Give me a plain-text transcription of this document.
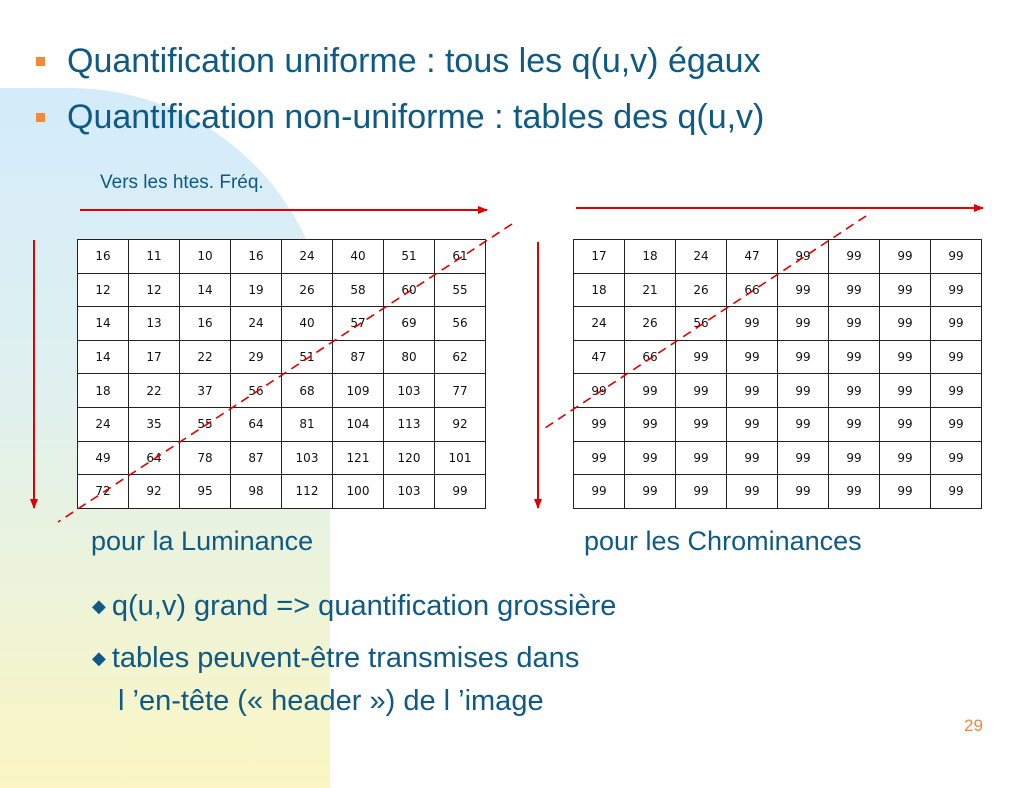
Quantification uniforme : tous les q(u,v) égaux
Quantification non-uniforme : tables des q(u,v)
Vers les htes. Fréq.
16	11	10	16	24	40	51	61
12	12	14	19	26	58	60	55
14	13	16	24	40	57	69	56
14	17	22	29	51	87	80	62
18	22	37	56	68	109	103	77
24	35	55	64	81	104	113	92
49	64	78	87	103	121	120	101
72	92	95	98	112	100	103	99
17	18	24	47	99	99	99	99
18	21	26	66	99	99	99	99
24	26	56	99	99	99	99	99
47	66	99	99	99	99	99	99
99	99	99	99	99	99	99	99
99	99	99	99	99	99	99	99
99	99	99	99	99	99	99	99
99	99	99	99	99	99	99	99
pour la Luminance	pour les Chrominances
◆ q(u,v) grand => quantification grossière
◆ tables peuvent-être transmises dans
l ’en-tête (« header ») de l ’image
29
